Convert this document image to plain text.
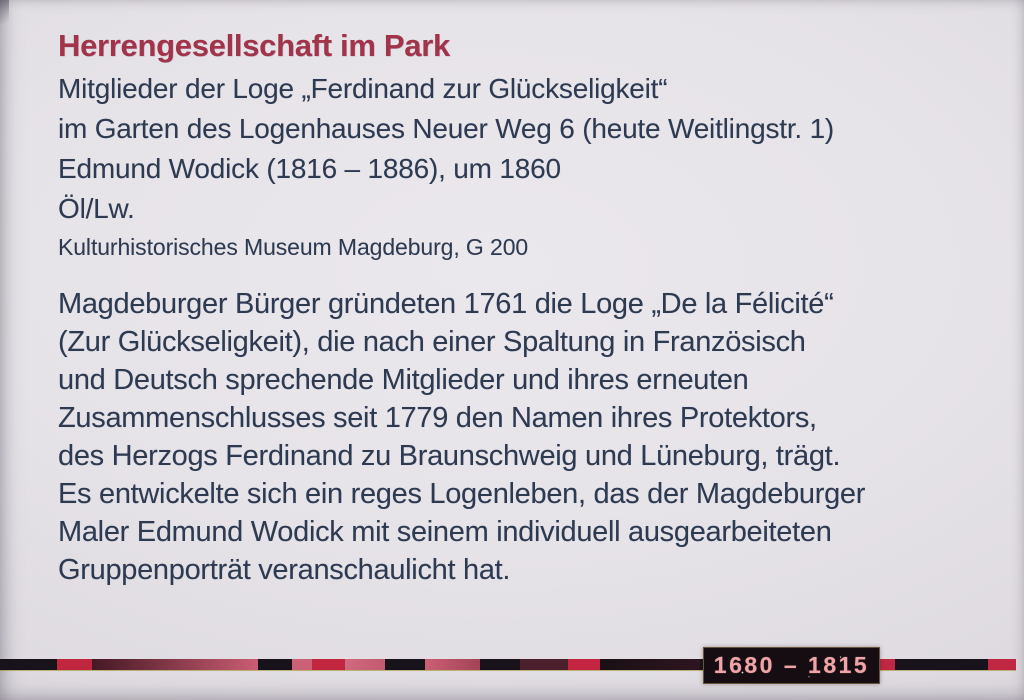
Herrengesellschaft im Park
Mitglieder der Loge „Ferdinand zur Glückseligkeit“
im Garten des Logenhauses Neuer Weg 6 (heute Weitlingstr. 1)
Edmund Wodick (1816 – 1886), um 1860
Öl/Lw.
Kulturhistorisches Museum Magdeburg, G 200
Magdeburger Bürger gründeten 1761 die Loge „De la Félicité“
(Zur Glückseligkeit), die nach einer Spaltung in Französisch
und Deutsch sprechende Mitglieder und ihres erneuten
Zusammenschlusses seit 1779 den Namen ihres Protektors,
des Herzogs Ferdinand zu Braunschweig und Lüneburg, trägt.
Es entwickelte sich ein reges Logenleben, das der Magdeburger
Maler Edmund Wodick mit seinem individuell ausgearbeiteten
Gruppenporträt veranschaulicht hat.
1680 – 1815
